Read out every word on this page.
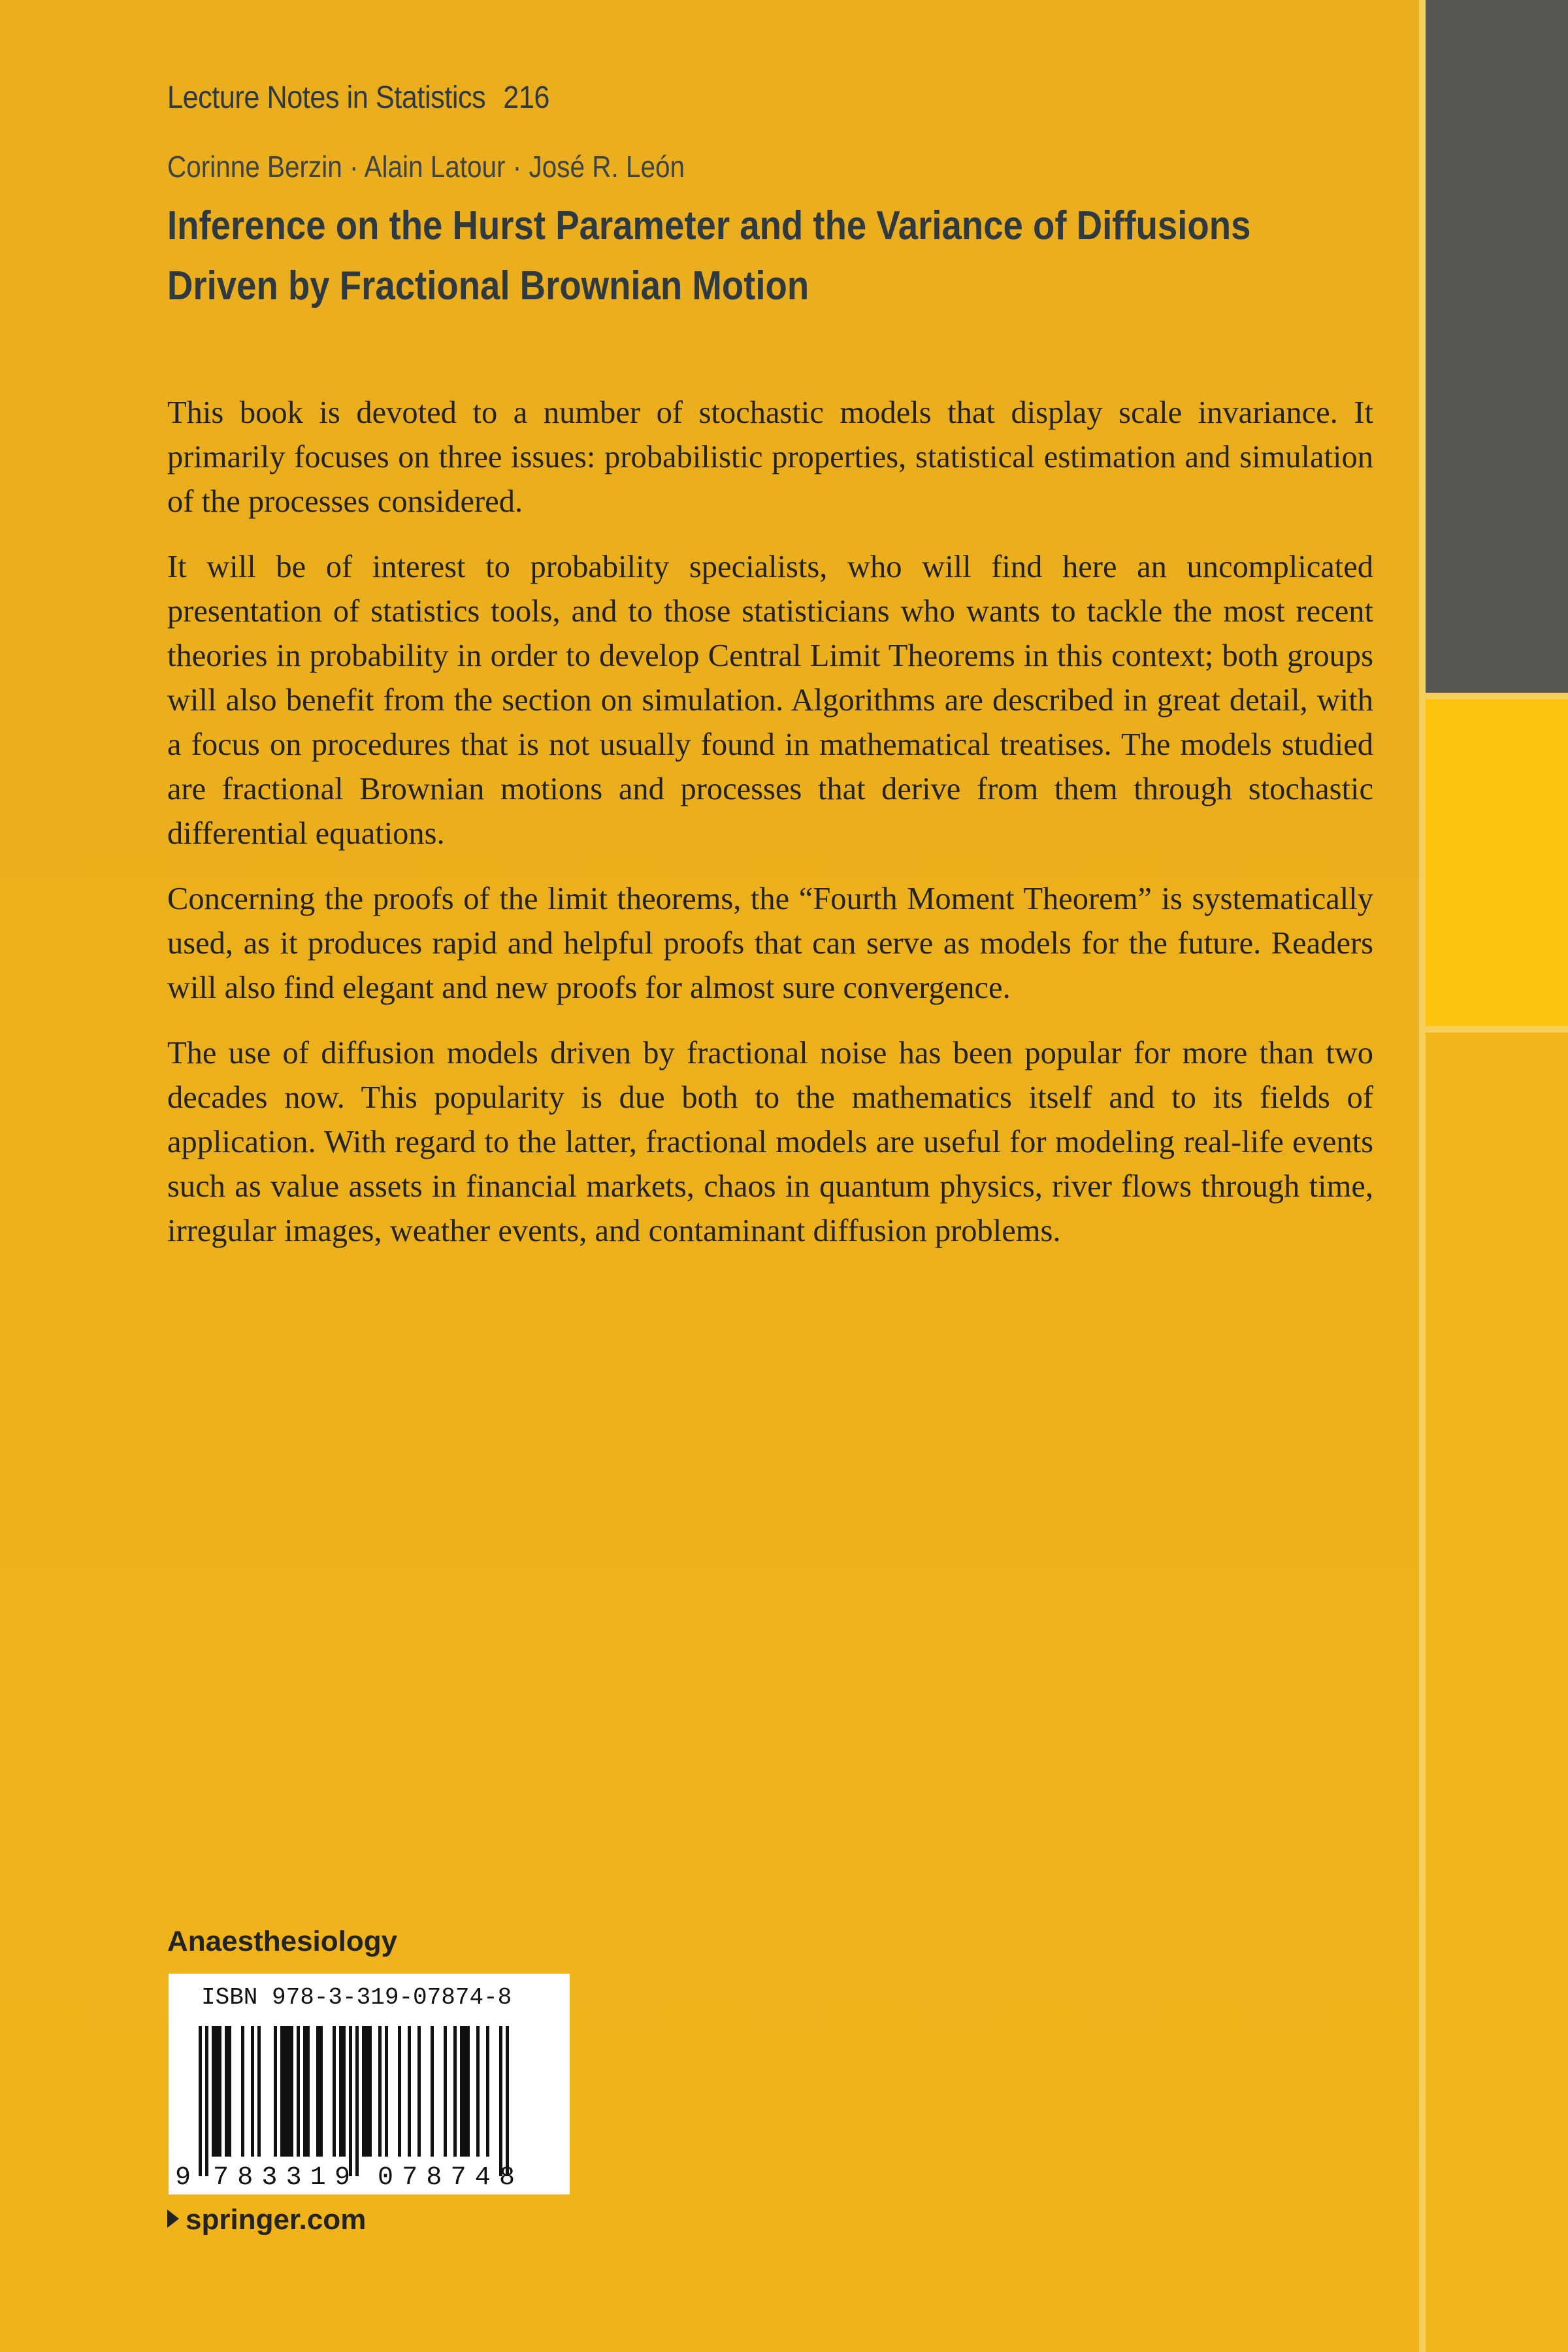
Lecture Notes in Statistics 216
Corinne Berzin · Alain Latour · José R. León
Inference on the Hurst Parameter and the Variance of Diffusions
Driven by Fractional Brownian Motion

This book is devoted to a number of stochastic models that display scale invariance. It primarily focuses on three issues: probabilistic properties, statistical estimation and simulation of the processes considered.

It will be of interest to probability specialists, who will find here an uncomplicated presentation of statistics tools, and to those statisticians who wants to tackle the most recent theories in probability in order to develop Central Limit Theorems in this context; both groups will also benefit from the section on simulation. Algorithms are described in great detail, with a focus on procedures that is not usually found in mathematical treatises. The models studied are fractional Brownian motions and processes that derive from them through stochastic differential equations.

Concerning the proofs of the limit theorems, the “Fourth Moment Theorem” is systematically used, as it produces rapid and helpful proofs that can serve as models for the future. Readers will also find elegant and new proofs for almost sure convergence.

The use of diffusion models driven by fractional noise has been popular for more than two decades now. This popularity is due both to the mathematics itself and to its fields of application. With regard to the latter, fractional models are useful for modeling real-life events such as value assets in financial markets, chaos in quantum physics, river flows through time, irregular images, weather events, and contaminant diffusion problems.

Anaesthesiology
ISBN 978-3-319-07874-8
9 783319 078748
springer.com
